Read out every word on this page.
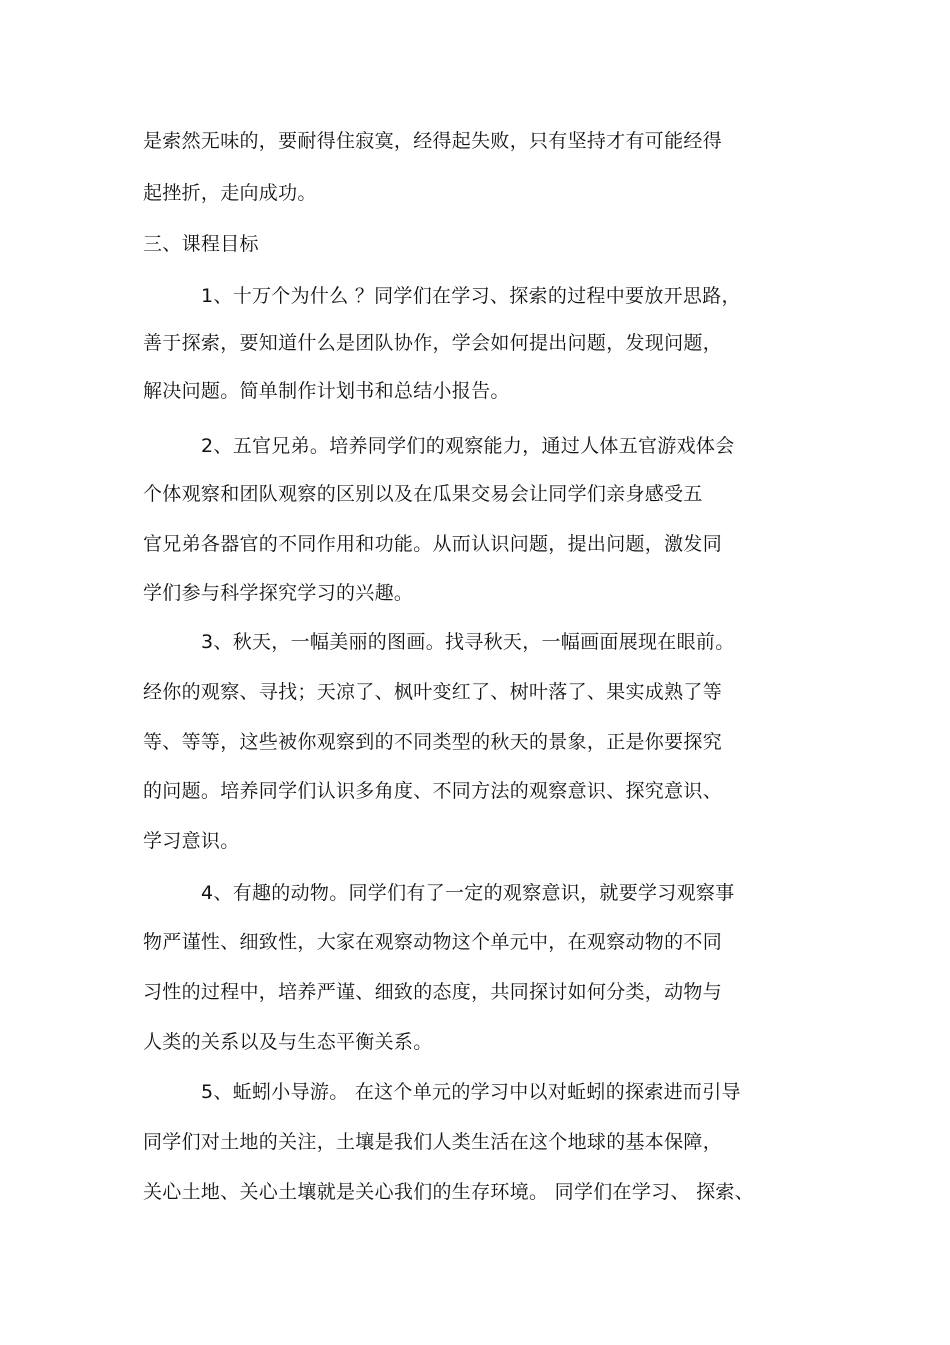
是索然无味的，要耐得住寂寞，经得起失败，只有坚持才有可能经得
起挫折，走向成功。
三、课程目标
1、十万个为什么 ？同学们在学习、探索的过程中要放开思路，
善于探索，要知道什么是团队协作，学会如何提出问题，发现问题，
解决问题。简单制作计划书和总结小报告。
2、五官兄弟。培养同学们的观察能力，通过人体五官游戏体会
个体观察和团队观察的区别以及在瓜果交易会让同学们亲身感受五
官兄弟各器官的不同作用和功能。从而认识问题，提出问题，激发同
学们参与科学探究学习的兴趣。
3、秋天，一幅美丽的图画。找寻秋天，一幅画面展现在眼前。
经你的观察、寻找；天凉了、枫叶变红了、树叶落了、果实成熟了等
等、等等，这些被你观察到的不同类型的秋天的景象，正是你要探究
的问题。培养同学们认识多角度、不同方法的观察意识、探究意识、
学习意识。
4、有趣的动物。同学们有了一定的观察意识，就要学习观察事
物严谨性、细致性，大家在观察动物这个单元中，在观察动物的不同
习性的过程中，培养严谨、细致的态度，共同探讨如何分类，动物与
人类的关系以及与生态平衡关系。
5、蚯蚓小导游。 在这个单元的学习中以对蚯蚓的探索进而引导
同学们对土地的关注，土壤是我们人类生活在这个地球的基本保障，
关心土地、关心土壤就是关心我们的生存环境。 同学们在学习、 探索、
